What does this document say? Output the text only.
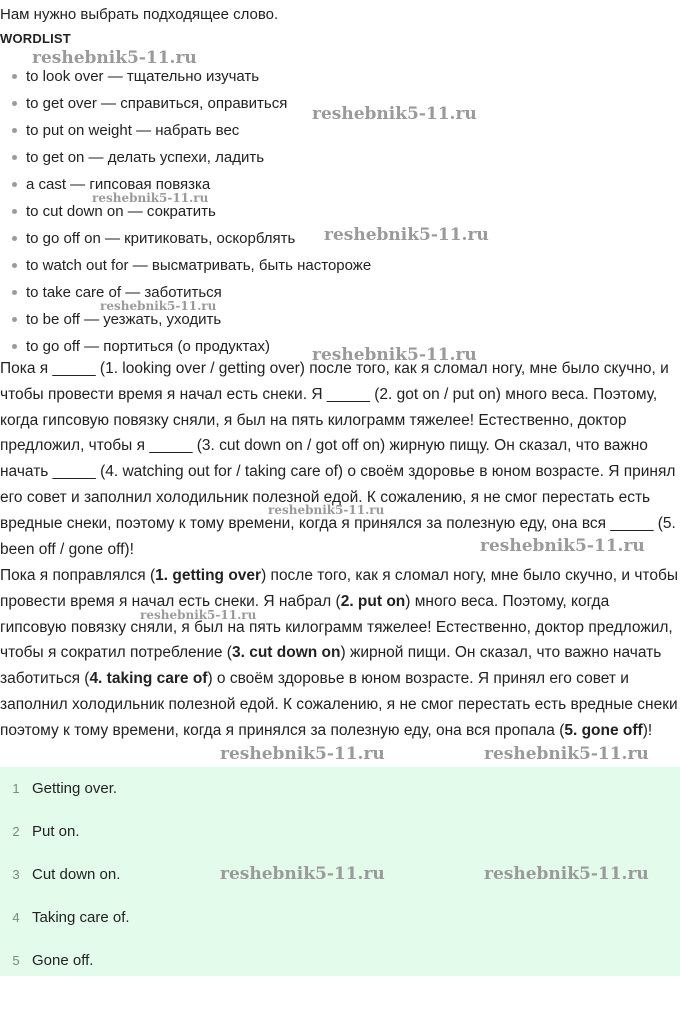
Нам нужно выбрать подходящее слово.
WORDLIST
to look over — тщательно изучать
to get over — справиться, оправиться
to put on weight — набрать вес
to get on — делать успехи, ладить
a cast — гипсовая повязка
to cut down on — сократить
to go off on — критиковать, оскорблять
to watch out for — высматривать, быть настороже
to take care of — заботиться
to be off — уезжать, уходить
to go off — портиться (о продуктах)

Пока я _____ (1. looking over / getting over) после того, как я сломал ногу, мне было скучно, и чтобы провести время я начал есть снеки. Я _____ (2. got on / put on) много веса. Поэтому, когда гипсовую повязку сняли, я был на пять килограмм тяжелее! Естественно, доктор предложил, чтобы я _____ (3. cut down on / got off on) жирную пищу. Он сказал, что важно начать _____ (4. watching out for / taking care of) о своём здоровье в юном возрасте. Я принял его совет и заполнил холодильник полезной едой. К сожалению, я не смог перестать есть вредные снеки, поэтому к тому времени, когда я принялся за полезную еду, она вся _____ (5. been off / gone off)!

Пока я поправлялся (1. getting over) после того, как я сломал ногу, мне было скучно, и чтобы провести время я начал есть снеки. Я набрал (2. put on) много веса. Поэтому, когда гипсовую повязку сняли, я был на пять килограмм тяжелее! Естественно, доктор предложил, чтобы я сократил потребление (3. cut down on) жирной пищи. Он сказал, что важно начать заботиться (4. taking care of) о своём здоровье в юном возрасте. Я принял его совет и заполнил холодильник полезной едой. К сожалению, я не смог перестать есть вредные снеки поэтому к тому времени, когда я принялся за полезную еду, она вся пропала (5. gone off)!

1 Getting over.
2 Put on.
3 Cut down on.
4 Taking care of.
5 Gone off.
reshebnik5-11.ru
reshebnik5-11.ru
reshebnik5-11.ru
reshebnik5-11.ru
reshebnik5-11.ru
reshebnik5-11.ru
reshebnik5-11.ru
reshebnik5-11.ru
reshebnik5-11.ru
reshebnik5-11.ru	reshebnik5-11.ru
reshebnik5-11.ru	reshebnik5-11.ru
